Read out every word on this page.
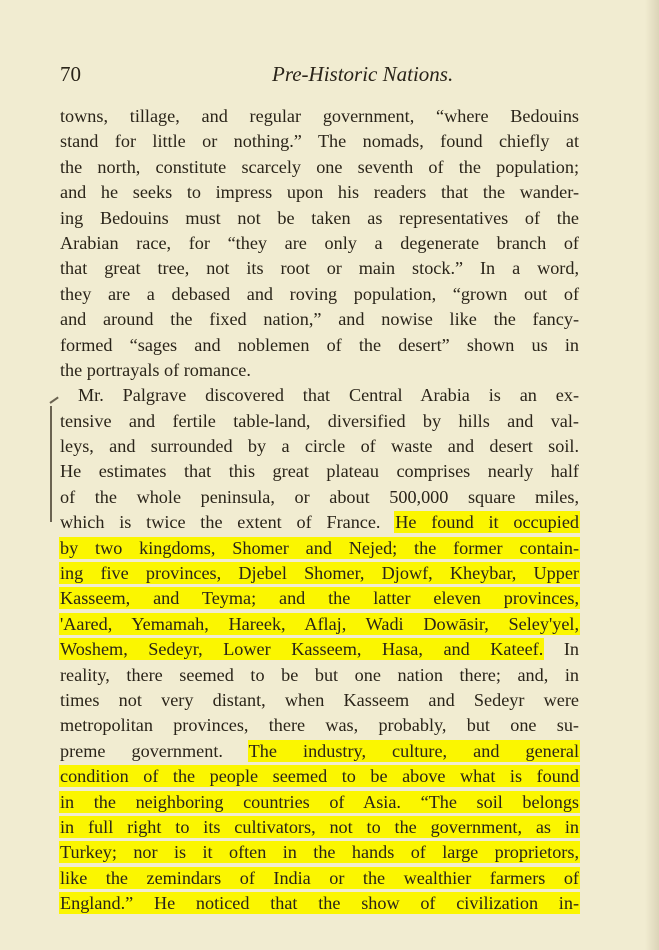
70	Pre-Historic Nations.
towns, tillage, and regular government, “where Bedouins
stand for little or nothing.” The nomads, found chiefly at
the north, constitute scarcely one seventh of the population;
and he seeks to impress upon his readers that the wander-
ing Bedouins must not be taken as representatives of the
Arabian race, for “they are only a degenerate branch of
that great tree, not its root or main stock.” In a word,
they are a debased and roving population, “grown out of
and around the fixed nation,” and nowise like the fancy-
formed “sages and noblemen of the desert” shown us in
the portrayals of romance.
Mr. Palgrave discovered that Central Arabia is an ex-
tensive and fertile table-land, diversified by hills and val-
leys, and surrounded by a circle of waste and desert soil.
He estimates that this great plateau comprises nearly half
of the whole peninsula, or about 500,000 square miles,
which is twice the extent of France. He found it occupied
by two kingdoms, Shomer and Nejed; the former contain-
ing five provinces, Djebel Shomer, Djowf, Kheybar, Upper
Kasseem, and Teyma; and the latter eleven provinces,
'Aared, Yemamah, Hareek, Aflaj, Wadi Dowāsir, Seley'yel,
Woshem, Sedeyr, Lower Kasseem, Hasa, and Kateef. In
reality, there seemed to be but one nation there; and, in
times not very distant, when Kasseem and Sedeyr were
metropolitan provinces, there was, probably, but one su-
preme government. The industry, culture, and general
condition of the people seemed to be above what is found
in the neighboring countries of Asia. “The soil belongs
in full right to its cultivators, not to the government, as in
Turkey; nor is it often in the hands of large proprietors,
like the zemindars of India or the wealthier farmers of
England.” He noticed that the show of civilization in-
